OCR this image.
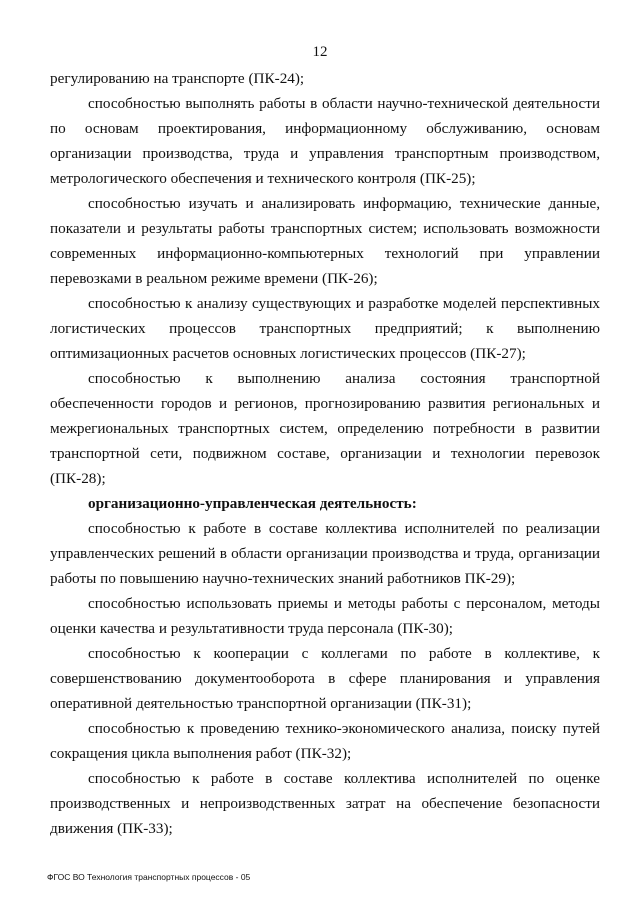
12

регулированию на транспорте (ПК-24);

способностью выполнять работы в области научно-технической деятельности по основам проектирования, информационному обслуживанию, основам организации производства, труда и управления транспортным производством, метрологического обеспечения и технического контроля (ПК-25);

способностью изучать и анализировать информацию, технические данные, показатели и результаты работы транспортных систем; использовать возможности современных информационно-компьютерных технологий при управлении перевозками в реальном режиме времени (ПК-26);

способностью к анализу существующих и разработке моделей перспективных логистических процессов транспортных предприятий; к выполнению оптимизационных расчетов основных логистических процессов (ПК-27);

способностью к выполнению анализа состояния транспортной обеспеченности городов и регионов, прогнозированию развития региональных и межрегиональных транспортных систем, определению потребности в развитии транспортной сети, подвижном составе, организации и технологии перевозок (ПК-28);

организационно-управленческая деятельность:

способностью к работе в составе коллектива исполнителей по реализации управленческих решений в области организации производства и труда, организации работы по повышению научно-технических знаний работников ПК-29);

способностью использовать приемы и методы работы с персоналом, методы оценки качества и результативности труда персонала (ПК-30);

способностью к кооперации с коллегами по работе в коллективе, к совершенствованию документооборота в сфере планирования и управления оперативной деятельностью транспортной организации (ПК-31);

способностью к проведению технико-экономического анализа, поиску путей сокращения цикла выполнения работ (ПК-32);

способностью к работе в составе коллектива исполнителей по оценке производственных и непроизводственных затрат на обеспечение безопасности движения (ПК-33);

ФГОС ВО Технология транспортных процессов - 05
